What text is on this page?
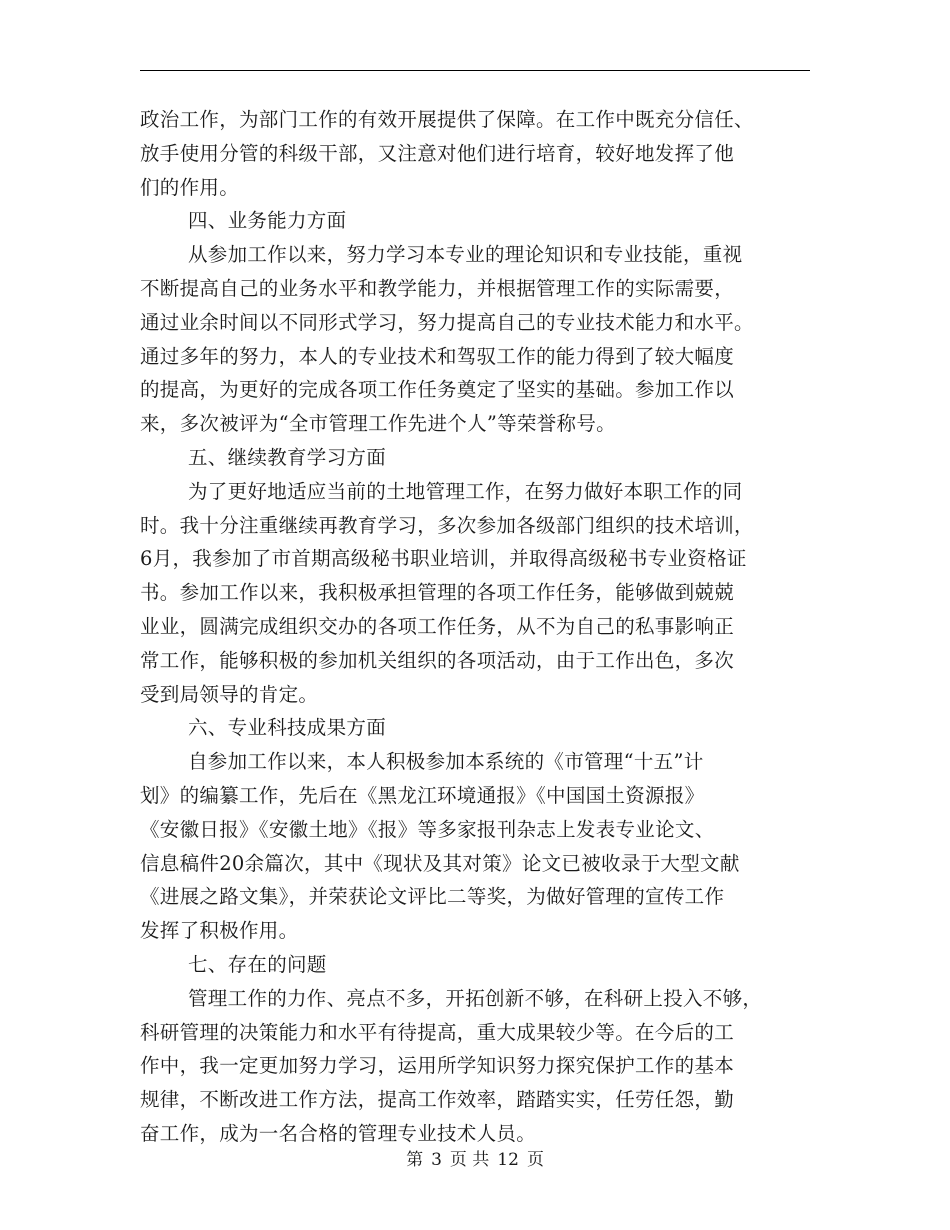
政治工作，为部门工作的有效开展提供了保障。在工作中既充分信任、
放手使用分管的科级干部，又注意对他们进行培育，较好地发挥了他
们的作用。
四、业务能力方面
从参加工作以来，努力学习本专业的理论知识和专业技能，重视
不断提高自己的业务水平和教学能力，并根据管理工作的实际需要，
通过业余时间以不同形式学习，努力提高自己的专业技术能力和水平。
通过多年的努力，本人的专业技术和驾驭工作的能力得到了较大幅度
的提高，为更好的完成各项工作任务奠定了坚实的基础。参加工作以
来，多次被评为“全市管理工作先进个人”等荣誉称号。
五、继续教育学习方面
为了更好地适应当前的土地管理工作，在努力做好本职工作的同
时。我十分注重继续再教育学习，多次参加各级部门组织的技术培训，
6月，我参加了市首期高级秘书职业培训，并取得高级秘书专业资格证
书。参加工作以来，我积极承担管理的各项工作任务，能够做到兢兢
业业，圆满完成组织交办的各项工作任务，从不为自己的私事影响正
常工作，能够积极的参加机关组织的各项活动，由于工作出色，多次
受到局领导的肯定。
六、专业科技成果方面
自参加工作以来，本人积极参加本系统的《市管理“十五”计
划》的编纂工作，先后在《黑龙江环境通报》《中国国土资源报》
《安徽日报》《安徽土地》《报》等多家报刊杂志上发表专业论文、
信息稿件20余篇次，其中《现状及其对策》论文已被收录于大型文献
《进展之路文集》，并荣获论文评比二等奖，为做好管理的宣传工作
发挥了积极作用。
七、存在的问题
管理工作的力作、亮点不多，开拓创新不够，在科研上投入不够，
科研管理的决策能力和水平有待提高，重大成果较少等。在今后的工
作中，我一定更加努力学习，运用所学知识努力探究保护工作的基本
规律，不断改进工作方法，提高工作效率，踏踏实实，任劳任怨，勤
奋工作，成为一名合格的管理专业技术人员。
第 3 页 共 12 页
